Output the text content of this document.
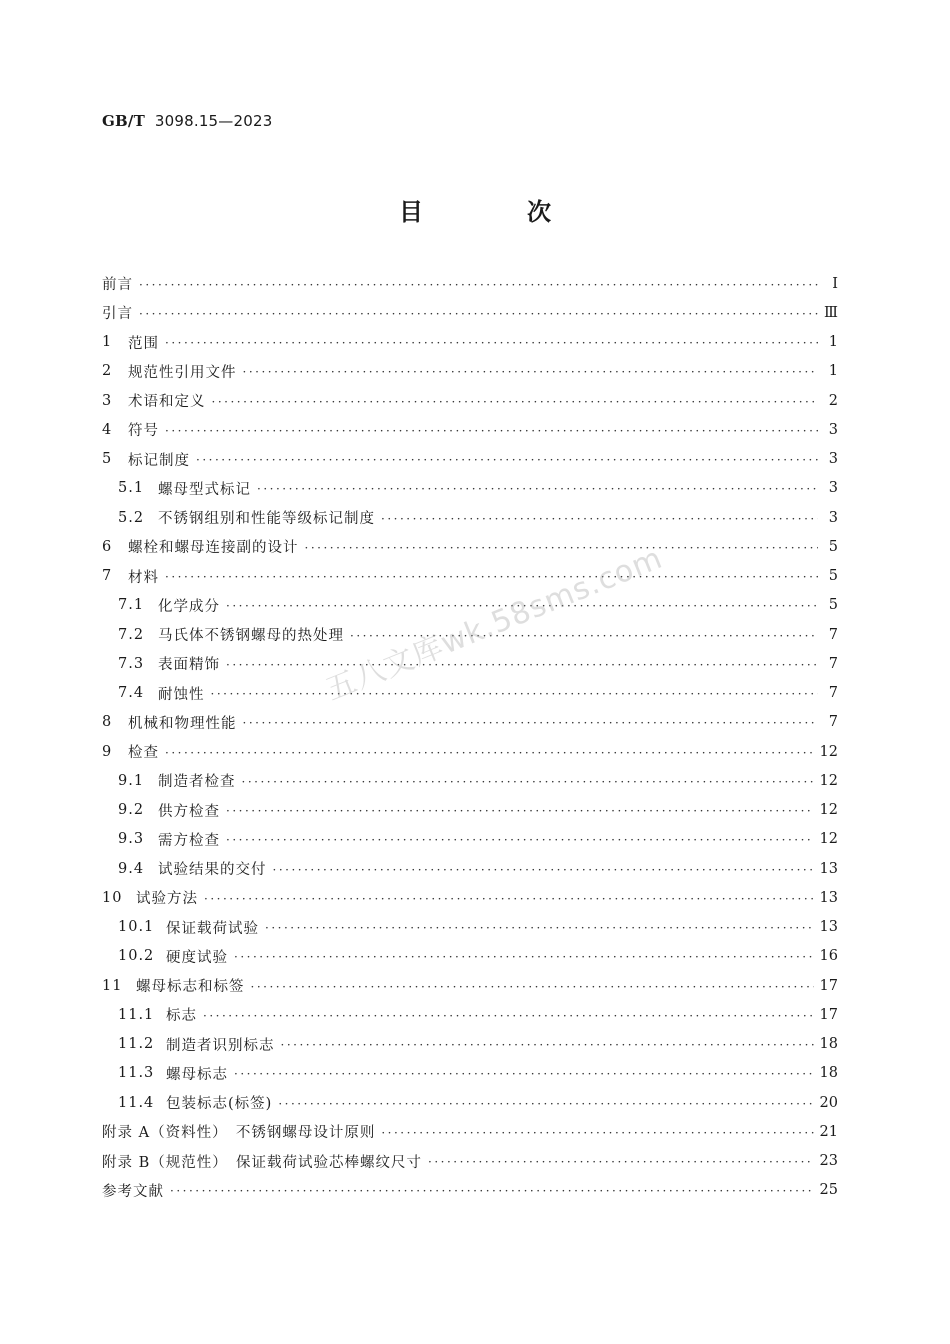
GB/T 3098.15—2023
目　次
前言 ·····	Ⅰ
引言 ·····	Ⅲ
1	范围 ·····	1
2	规范性引用文件 ·····	1
3	术语和定义 ·····	2
4	符号 ·····	3
5	标记制度 ·····	3
5.1 螺母型式标记 ·····	3
5.2 不锈钢组别和性能等级标记制度 ·····	3
6	螺栓和螺母连接副的设计 ·····	5
7	材料 ·····	5
7.1 化学成分 ·····	5
7.2 马氏体不锈钢螺母的热处理 ·····	7
7.3 表面精饰 ·····	7
7.4 耐蚀性 ·····	7
8	机械和物理性能 ·····	7
9	检查 ·····	12
9.1 制造者检查 ·····	12
9.2 供方检查 ·····	12
9.3 需方检查 ·····	12
9.4 试验结果的交付 ·····	13
10 试验方法 ·····	13
10.1 保证载荷试验 ·····	13
10.2 硬度试验 ·····	16
11 螺母标志和标签 ·····	17
11.1 标志 ·····	17
11.2 制造者识别标志 ·····	18
11.3 螺母标志 ·····	18
11.4 包装标志(标签) ·····	20
附录 A（资料性）　不锈钢螺母设计原则 ·····	21
附录 B（规范性）　保证载荷试验芯棒螺纹尺寸 ·····	23
参考文献 ·····	25
五八文库wk.58sms.com
